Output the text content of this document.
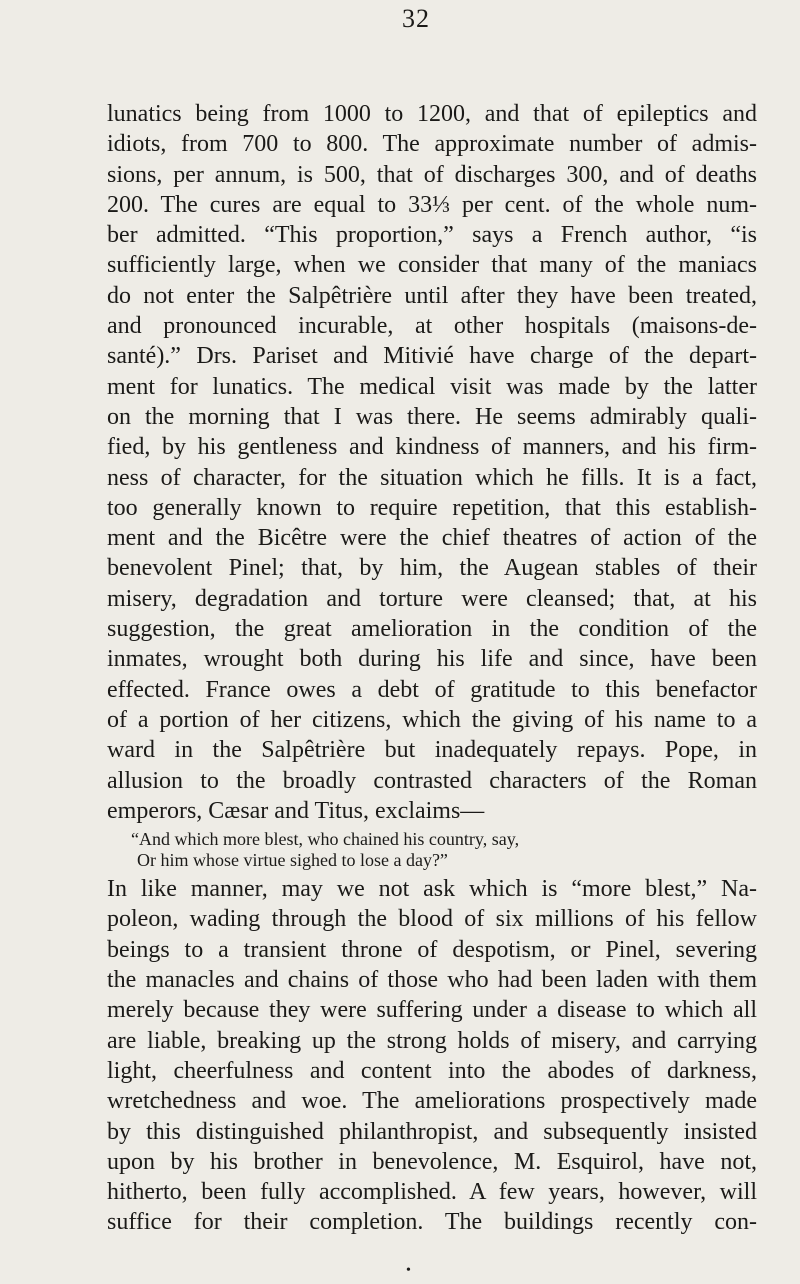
32
lunatics being from 1000 to 1200, and that of epileptics and
idiots, from 700 to 800. The approximate number of admis-
sions, per annum, is 500, that of discharges 300, and of deaths
200. The cures are equal to 33⅓ per cent. of the whole num-
ber admitted. “This proportion,” says a French author, “is
sufficiently large, when we consider that many of the maniacs
do not enter the Salpêtrière until after they have been treated,
and pronounced incurable, at other hospitals (maisons-de-
santé).” Drs. Pariset and Mitivié have charge of the depart-
ment for lunatics. The medical visit was made by the latter
on the morning that I was there. He seems admirably quali-
fied, by his gentleness and kindness of manners, and his firm-
ness of character, for the situation which he fills. It is a fact,
too generally known to require repetition, that this establish-
ment and the Bicêtre were the chief theatres of action of the
benevolent Pinel; that, by him, the Augean stables of their
misery, degradation and torture were cleansed; that, at his
suggestion, the great amelioration in the condition of the
inmates, wrought both during his life and since, have been
effected. France owes a debt of gratitude to this benefactor
of a portion of her citizens, which the giving of his name to a
ward in the Salpêtrière but inadequately repays. Pope, in
allusion to the broadly contrasted characters of the Roman
emperors, Cæsar and Titus, exclaims—
“And which more blest, who chained his country, say,
Or him whose virtue sighed to lose a day?”
In like manner, may we not ask which is “more blest,” Na-
poleon, wading through the blood of six millions of his fellow
beings to a transient throne of despotism, or Pinel, severing
the manacles and chains of those who had been laden with them
merely because they were suffering under a disease to which all
are liable, breaking up the strong holds of misery, and carrying
light, cheerfulness and content into the abodes of darkness,
wretchedness and woe. The ameliorations prospectively made
by this distinguished philanthropist, and subsequently insisted
upon by his brother in benevolence, M. Esquirol, have not,
hitherto, been fully accomplished. A few years, however, will
suffice for their completion. The buildings recently con-
•
